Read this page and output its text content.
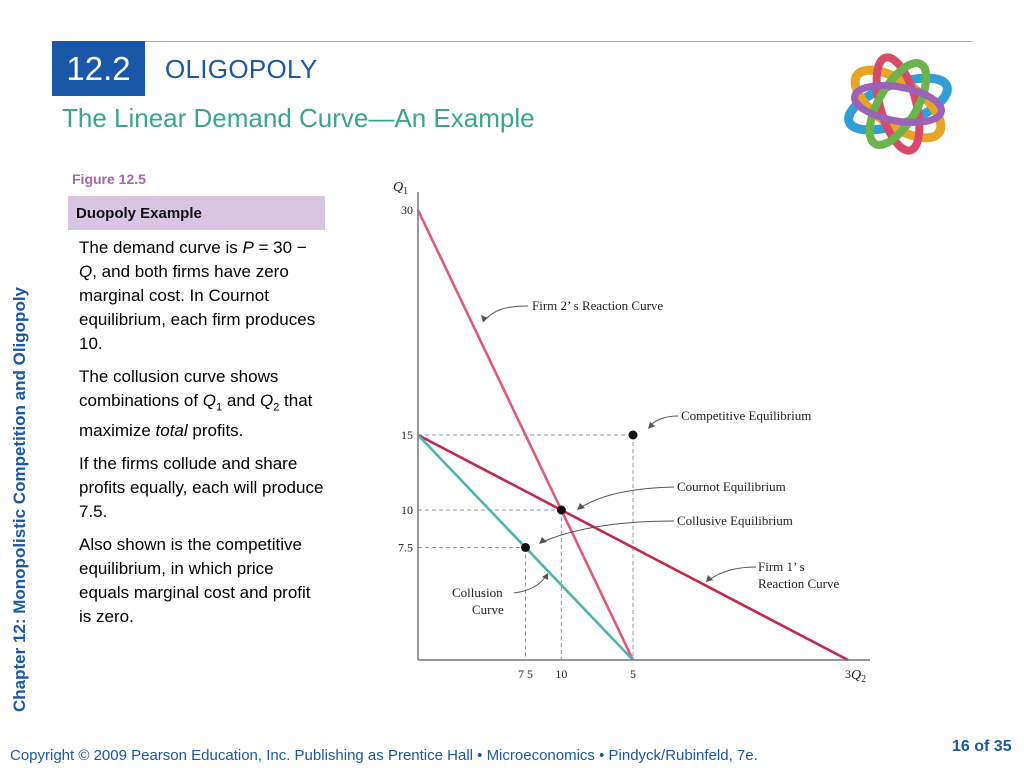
12.2	OLIGOPOLY
The Linear Demand Curve—An Example
Chapter 12: Monopolistic Competition and Oligopoly
Figure 12.5
Duopoly Example

The demand curve is P = 30 − Q, and both firms have zero marginal cost. In Cournot equilibrium, each firm produces 10.

The collusion curve shows combinations of $Q_1$ and $Q_2$ that maximize total profits.

If the firms collude and share profits equally, each will produce 7.5.

Also shown is the competitive equilibrium, in which price equals marginal cost and profit is zero.

30
15
10
7.5
7 5 10	5	3
$Q_1$
$Q_2$
Firm 2’ s Reaction Curve
Competitive Equilibrium
Cournot Equilibrium
Collusive Equilibrium
Firm 1’ s
Reaction Curve
Collusion
Curve
Copyright © 2009 Pearson Education, Inc. Publishing as Prentice Hall • Microeconomics • Pindyck/Rubinfeld, 7e.
16 of 35
